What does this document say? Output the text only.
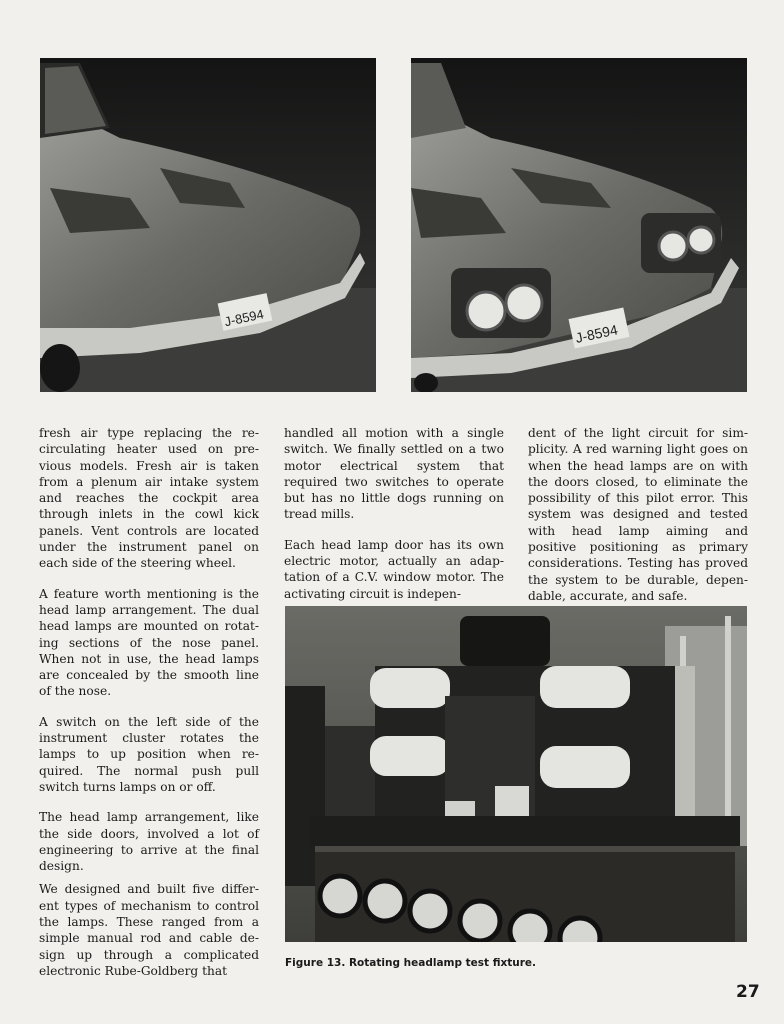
J-8594
J-8594

fresh air type replacing the re-circulating heater used on pre-vious models. Fresh air is taken from a plenum air intake system and reaches the cockpit area through inlets in the cowl kick panels. Vent controls are located under the instrument panel on each side of the steering wheel.

A feature worth mentioning is the head lamp arrangement. The dual head lamps are mounted on rotat-ing sections of the nose panel. When not in use, the head lamps are concealed by the smooth line of the nose.

A switch on the left side of the instrument cluster rotates the lamps to up position when re-quired. The normal push pull switch turns lamps on or off.

The head lamp arrangement, like the side doors, involved a lot of engineering to arrive at the final design.

We designed and built five differ-ent types of mechanism to control the lamps. These ranged from a simple manual rod and cable de-sign up through a complicated electronic Rube-Goldberg that

handled all motion with a single switch. We finally settled on a two motor electrical system that required two switches to operate but has no little dogs running on tread mills.

Each head lamp door has its own electric motor, actually an adap-tation of a C.V. window motor. The activating circuit is indepen-

dent of the light circuit for sim-plicity. A red warning light goes on when the head lamps are on with the doors closed, to eliminate the possibility of this pilot error. This system was designed and tested with head lamp aiming and positive positioning as primary considerations. Testing has proved the system to be durable, depen-dable, accurate, and safe.

Figure 13. Rotating headlamp test fixture.
27
